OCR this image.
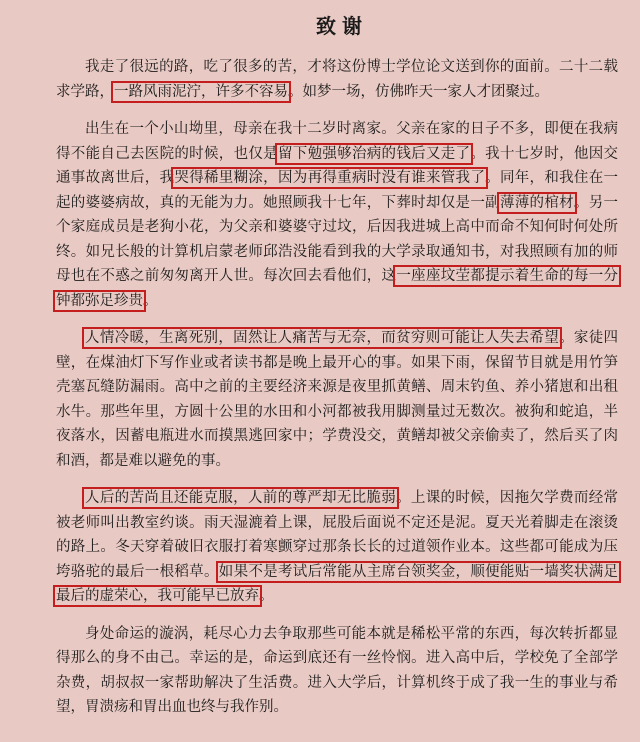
致谢

我走了很远的路，吃了很多的苦，才将这份博士学位论文送到你的面前。二十二载求学路，一路风雨泥泞，许多不容易。如梦一场，仿佛昨天一家人才团聚过。

出生在一个小山坳里，母亲在我十二岁时离家。父亲在家的日子不多，即便在我病得不能自己去医院的时候，也仅是留下勉强够治病的钱后又走了。我十七岁时，他因交通事故离世后，我哭得稀里糊涂，因为再得重病时没有谁来管我了。同年，和我住在一起的婆婆病故，真的无能为力。她照顾我十七年，下葬时却仅是一副薄薄的棺材。另一个家庭成员是老狗小花，为父亲和婆婆守过坟，后因我进城上高中而命不知何时何处所终。如兄长般的计算机启蒙老师邱浩没能看到我的大学录取通知书，对我照顾有加的师母也在不惑之前匆匆离开人世。每次回去看他们，这一座座坟茔都提示着生命的每一分钟都弥足珍贵。

人情冷暖，生离死别，固然让人痛苦与无奈，而贫穷则可能让人失去希望。家徒四壁，在煤油灯下写作业或者读书都是晚上最开心的事。如果下雨，保留节目就是用竹笋壳塞瓦缝防漏雨。高中之前的主要经济来源是夜里抓黄鳝、周末钓鱼、养小猪崽和出租水牛。那些年里，方圆十公里的水田和小河都被我用脚测量过无数次。被狗和蛇追，半夜落水，因蓄电瓶进水而摸黑逃回家中；学费没交，黄鳝却被父亲偷卖了，然后买了肉和酒，都是难以避免的事。

人后的苦尚且还能克服，人前的尊严却无比脆弱。上课的时候，因拖欠学费而经常被老师叫出教室约谈。雨天湿漉着上课，屁股后面说不定还是泥。夏天光着脚走在滚烫的路上。冬天穿着破旧衣服打着寒颤穿过那条长长的过道领作业本。这些都可能成为压垮骆驼的最后一根稻草。如果不是考试后常能从主席台领奖金，顺便能贴一墙奖状满足最后的虚荣心，我可能早已放弃。

身处命运的漩涡，耗尽心力去争取那些可能本就是稀松平常的东西，每次转折都显得那么的身不由己。幸运的是，命运到底还有一丝怜悯。进入高中后，学校免了全部学杂费，胡叔叔一家帮助解决了生活费。进入大学后，计算机终于成了我一生的事业与希望，胃溃疡和胃出血也终与我作别。
